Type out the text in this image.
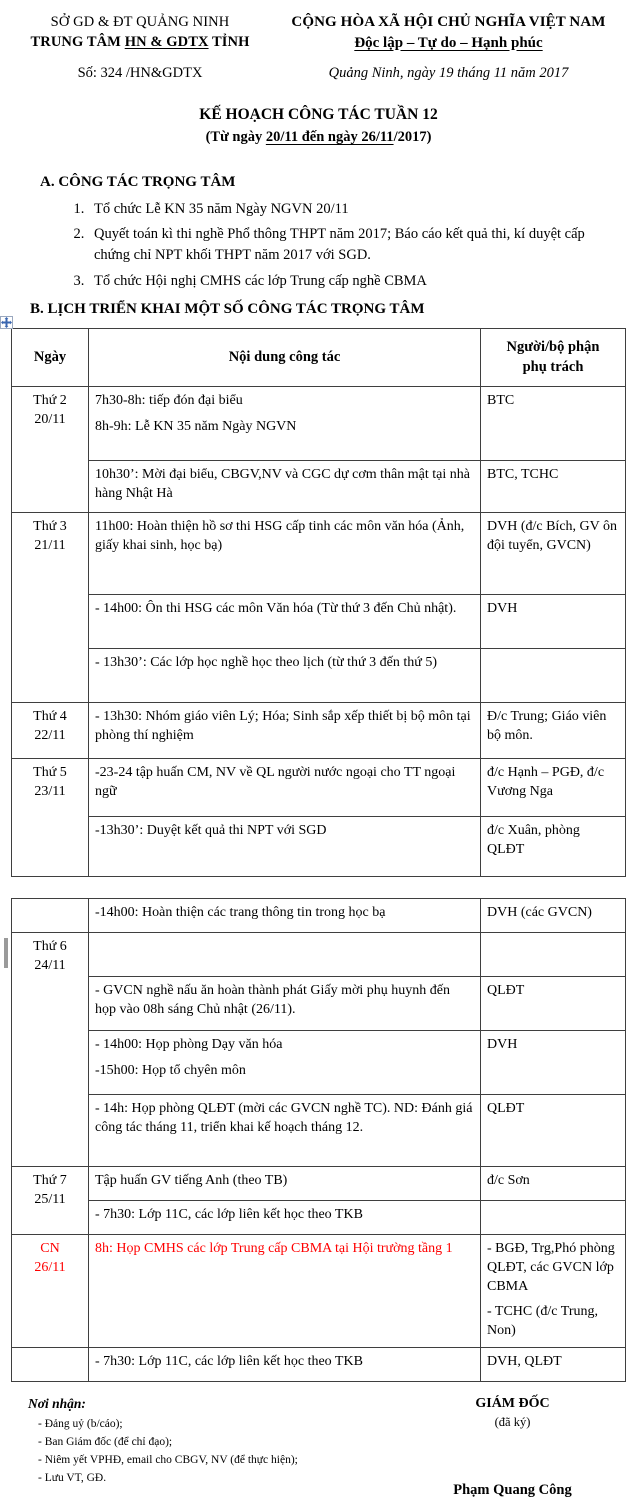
SỞ GD & ĐT QUẢNG NINH
TRUNG TÂM HN & GDTX TỈNH
CỘNG HÒA XÃ HỘI CHỦ NGHĨA VIỆT NAM
Độc lập – Tự do – Hạnh phúc
Số: 324 /HN&GDTX	Quảng Ninh, ngày 19 tháng 11 năm 2017
KẾ HOẠCH CÔNG TÁC TUẦN 12
(Từ ngày 20/11 đến ngày 26/11/2017)
A. CÔNG TÁC TRỌNG TÂM
1. Tổ chức Lễ KN 35 năm Ngày NGVN 20/11
2. Quyết toán kì thi nghề Phổ thông THPT năm 2017; Báo cáo kết quả thi, kí duyệt cấp chứng chỉ NPT khối THPT năm 2017 với SGD.
3. Tổ chức Hội nghị CMHS các lớp Trung cấp nghề CBMA
B. LỊCH TRIỂN KHAI MỘT SỐ CÔNG TÁC TRỌNG TÂM
Ngày	Nội dung công tác	Người/bộ phận
phụ trách

Thứ 2
20/11	7h30-8h: tiếp đón đại biểu
8h-9h: Lễ KN 35 năm Ngày NGVN	BTC

	10h30’: Mời đại biểu, CBGV,NV và CGC dự cơm thân mật tại nhà hàng Nhật Hà	BTC, TCHC

Thứ 3
21/11	11h00: Hoàn thiện hồ sơ thi HSG cấp tinh các môn văn hóa (Ảnh, giấy khai sinh, học bạ)	DVH (đ/c Bích, GV ôn đội tuyển, GVCN)

	- 14h00: Ôn thi HSG các môn Văn hóa (Từ thứ 3 đến Chủ nhật).	DVH

	- 13h30’: Các lớp học nghề học theo lịch (từ thứ 3 đến thứ 5)	

Thứ 4
22/11	- 13h30: Nhóm giáo viên Lý; Hóa; Sinh sắp xếp thiết bị bộ môn tại phòng thí nghiệm	Đ/c Trung; Giáo viên bộ môn.

Thứ 5
23/11	-23-24 tập huấn CM, NV về QL người nước ngoại cho TT ngoại ngữ	đ/c Hạnh – PGĐ, đ/c Vương Nga

	-13h30’: Duyệt kết quả thi NPT với SGD	đ/c Xuân, phòng QLĐT

	-14h00: Hoàn thiện các trang thông tin trong học bạ	DVH (các GVCN)

Thứ 6
24/11		

	- GVCN nghề nấu ăn hoàn thành phát Giấy mời phụ huynh đến họp vào 08h sáng Chủ nhật (26/11).	QLĐT

	- 14h00: Họp phòng Dạy văn hóa
-15h00: Họp tổ chyên môn	DVH

	- 14h: Họp phòng QLĐT (mời các GVCN nghề TC). ND: Đánh giá công tác tháng 11, triển khai kế hoạch tháng 12.	QLĐT

Thứ 7
25/11	Tập huấn GV tiếng Anh (theo TB)	đ/c Sơn

	- 7h30: Lớp 11C, các lớp liên kết học theo TKB	

CN
26/11	8h: Họp CMHS các lớp Trung cấp CBMA tại Hội trường tầng 1	- BGĐ, Trg,Phó phòng QLĐT, các GVCN lớp CBMA
- TCHC (đ/c Trung, Non)

	- 7h30: Lớp 11C, các lớp liên kết học theo TKB	DVH, QLĐT
Nơi nhận:
- Đảng uỷ (b/cáo);
- Ban Giám đốc (để chỉ đạo);
- Niêm yết VPHĐ, email cho CBGV, NV (để thực hiện);
- Lưu VT, GĐ.
GIÁM ĐỐC
(đã ký)
Phạm Quang Công
